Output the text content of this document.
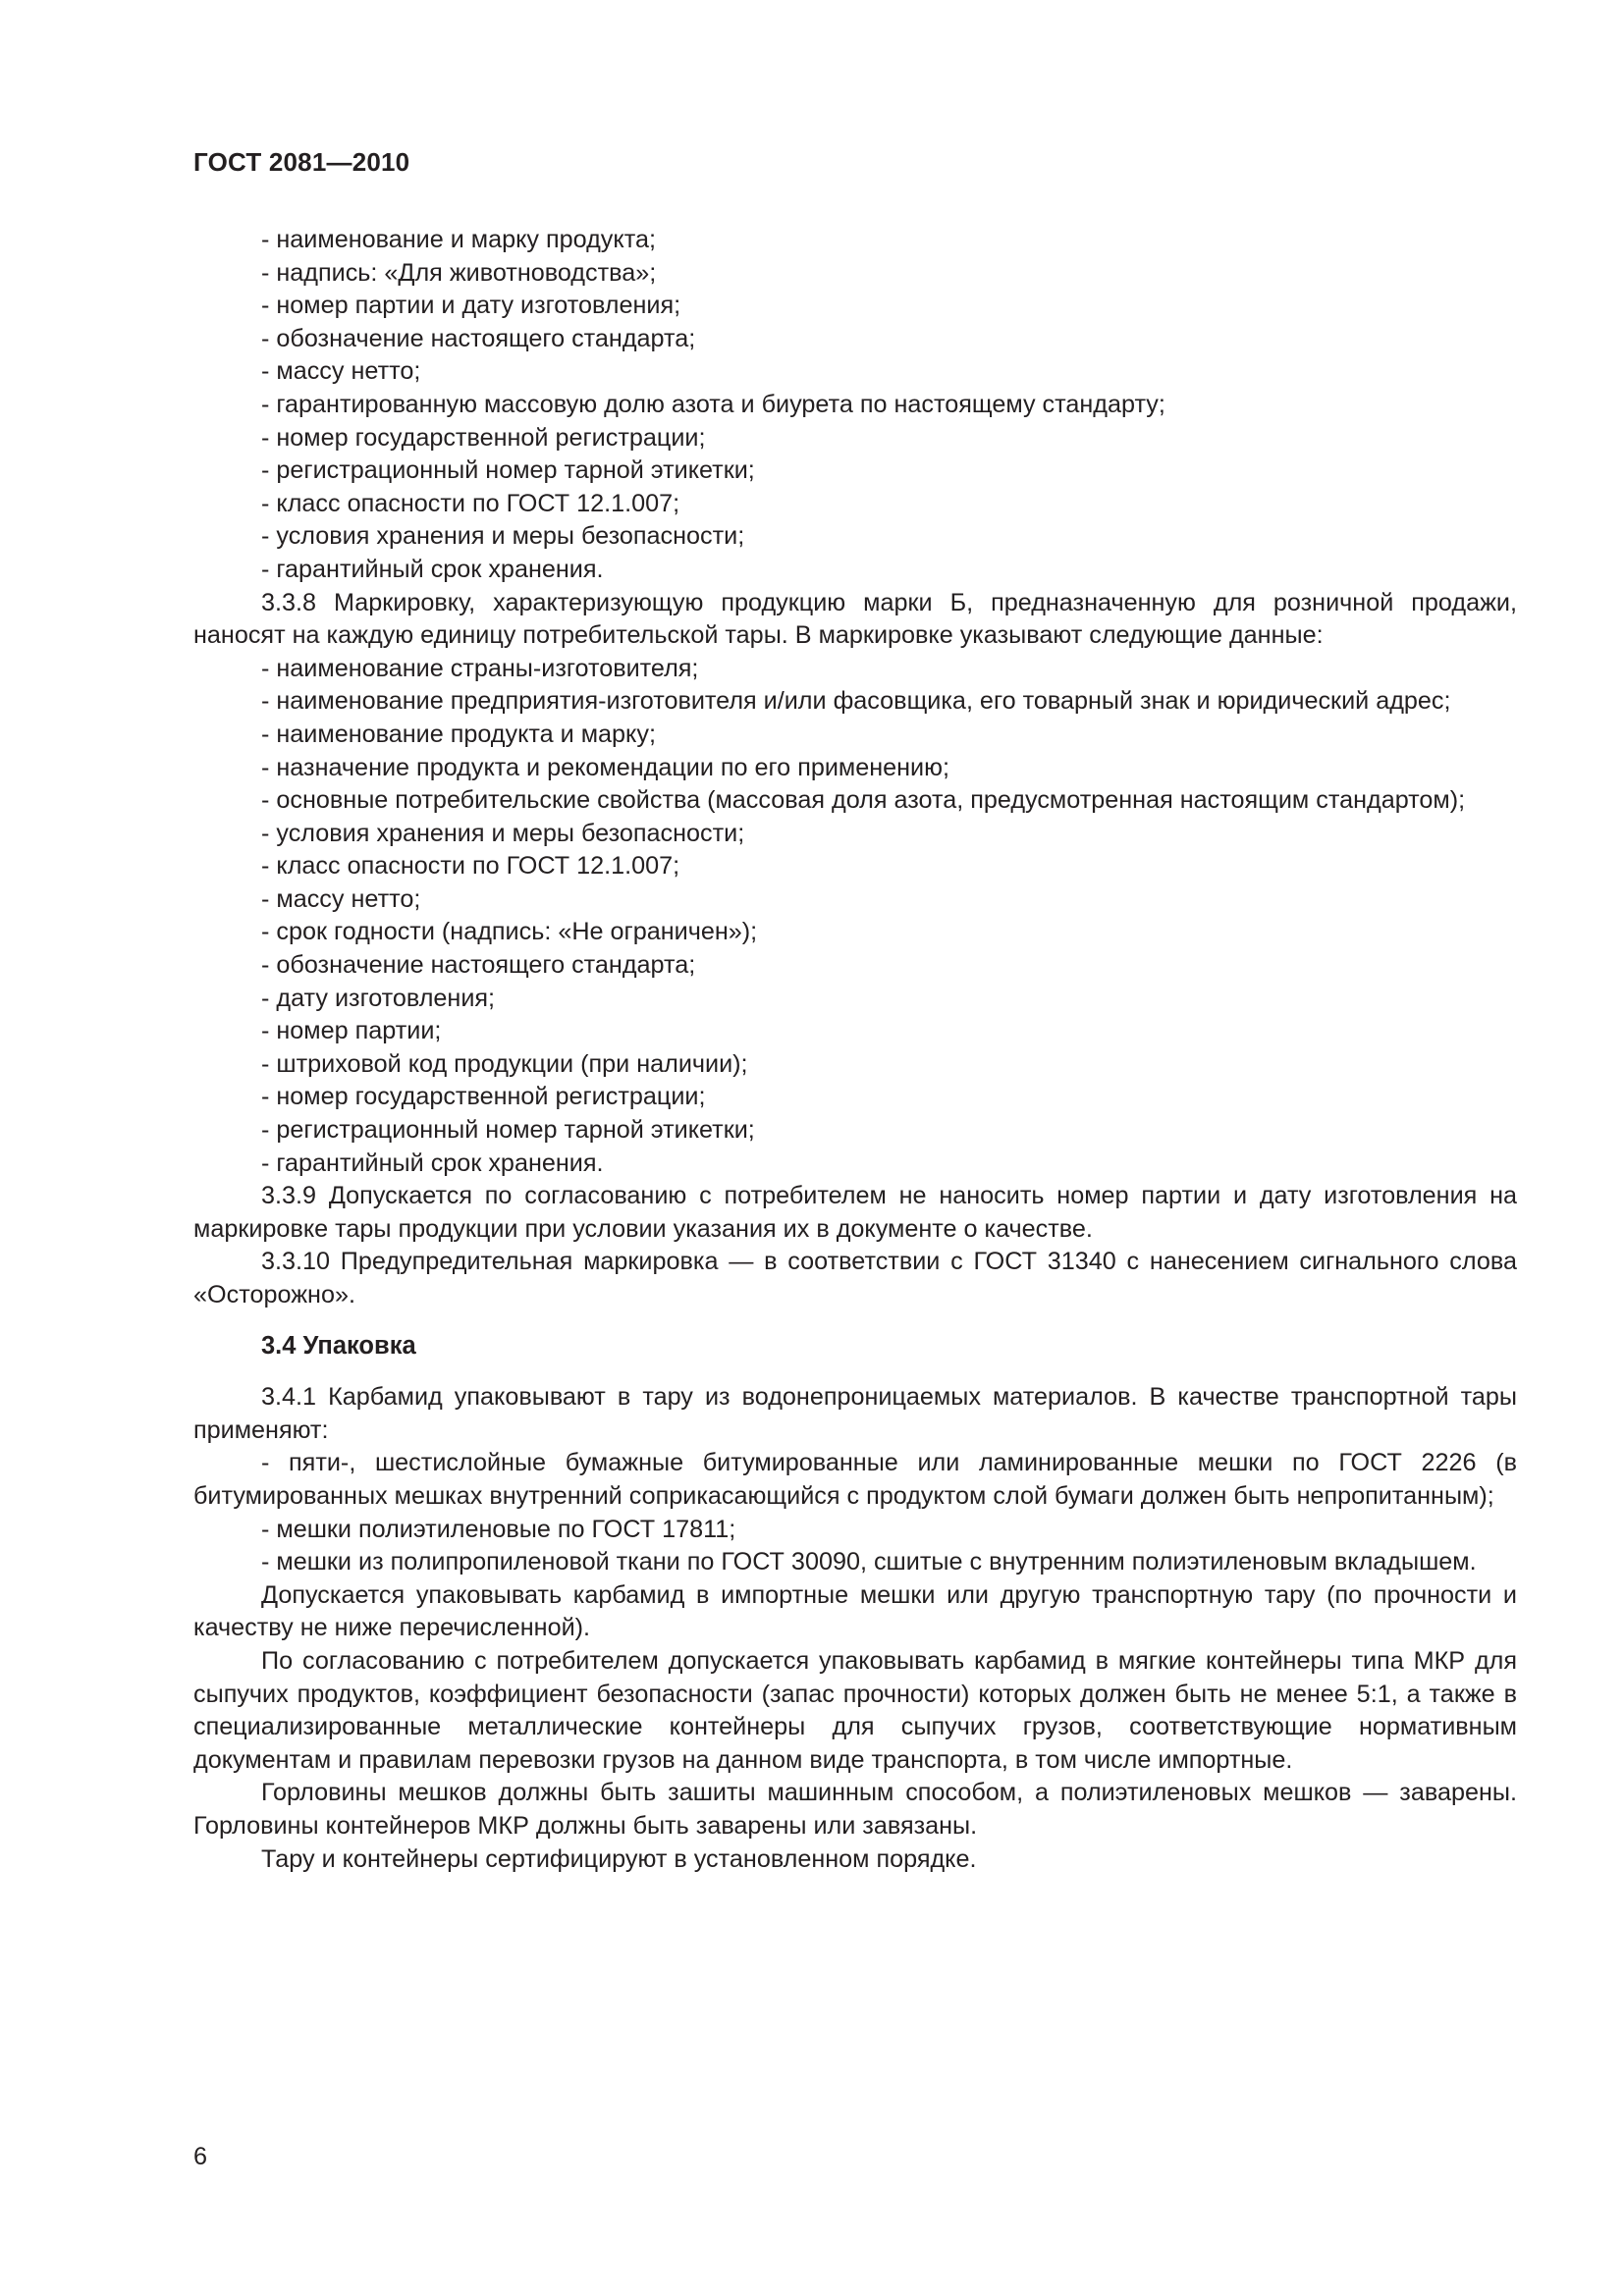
ГОСТ 2081—2010

- наименование и марку продукта;

- надпись: «Для животноводства»;

- номер партии и дату изготовления;

- обозначение настоящего стандарта;

- массу нетто;

- гарантированную массовую долю азота и биурета по настоящему стандарту;

- номер государственной регистрации;

- регистрационный номер тарной этикетки;

- класс опасности по ГОСТ 12.1.007;

- условия хранения и меры безопасности;

- гарантийный срок хранения.

3.3.8 Маркировку, характеризующую продукцию марки Б, предназначенную для розничной продажи, наносят на каждую единицу потребительской тары. В маркировке указывают следующие данные:

- наименование страны-изготовителя;

- наименование предприятия-изготовителя и/или фасовщика, его товарный знак и юридический адрес;

- наименование продукта и марку;

- назначение продукта и рекомендации по его применению;

- основные потребительские свойства (массовая доля азота, предусмотренная настоящим стандартом);

- условия хранения и меры безопасности;

- класс опасности по ГОСТ 12.1.007;

- массу нетто;

- срок годности (надпись: «Не ограничен»);

- обозначение настоящего стандарта;

- дату изготовления;

- номер партии;

- штриховой код продукции (при наличии);

- номер государственной регистрации;

- регистрационный номер тарной этикетки;

- гарантийный срок хранения.

3.3.9 Допускается по согласованию с потребителем не наносить номер партии и дату изготовления на маркировке тары продукции при условии указания их в документе о качестве.

3.3.10 Предупредительная маркировка — в соответствии с ГОСТ 31340 с нанесением сигнального слова «Осторожно».

3.4 Упаковка

3.4.1 Карбамид упаковывают в тару из водонепроницаемых материалов. В качестве транспортной тары применяют:

- пяти-, шестислойные бумажные битумированные или ламинированные мешки по ГОСТ 2226 (в битумированных мешках внутренний соприкасающийся с продуктом слой бумаги должен быть непропитанным);

- мешки полиэтиленовые по ГОСТ 17811;

- мешки из полипропиленовой ткани по ГОСТ 30090, сшитые с внутренним полиэтиленовым вкладышем.

Допускается упаковывать карбамид в импортные мешки или другую транспортную тару (по прочности и качеству не ниже перечисленной).

По согласованию с потребителем допускается упаковывать карбамид в мягкие контейнеры типа МКР для сыпучих продуктов, коэффициент безопасности (запас прочности) которых должен быть не менее 5:1, а также в специализированные металлические контейнеры для сыпучих грузов, соответствующие нормативным документам и правилам перевозки грузов на данном виде транспорта, в том числе импортные.

Горловины мешков должны быть зашиты машинным способом, а полиэтиленовых мешков — заварены. Горловины контейнеров МКР должны быть заварены или завязаны.

Тару и контейнеры сертифицируют в установленном порядке.

6
